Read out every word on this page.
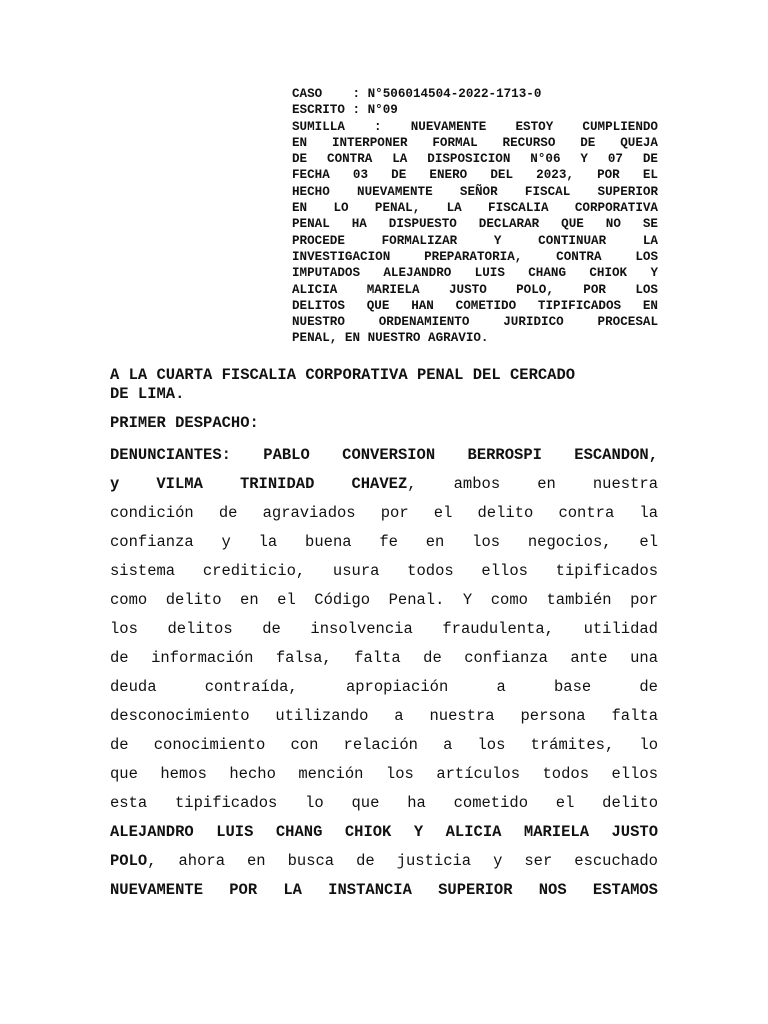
CASO    : N°506014504-2022-1713-0
ESCRITO : N°09
SUMILLA : NUEVAMENTE ESTOY CUMPLIENDO
EN INTERPONER FORMAL RECURSO DE QUEJA
DE CONTRA LA DISPOSICION N°06 Y 07 DE
FECHA 03 DE ENERO DEL 2023, POR EL
HECHO NUEVAMENTE SEÑOR FISCAL SUPERIOR
EN LO PENAL, LA FISCALIA CORPORATIVA
PENAL HA DISPUESTO DECLARAR QUE NO SE
PROCEDE FORMALIZAR Y CONTINUAR LA
INVESTIGACION PREPARATORIA, CONTRA LOS
IMPUTADOS ALEJANDRO LUIS CHANG CHIOK Y
ALICIA MARIELA JUSTO POLO, POR LOS
DELITOS QUE HAN COMETIDO TIPIFICADOS EN
NUESTRO ORDENAMIENTO JURIDICO PROCESAL
PENAL, EN NUESTRO AGRAVIO.
A LA CUARTA FISCALIA CORPORATIVA PENAL DEL CERCADO
DE LIMA.
PRIMER DESPACHO:
DENUNCIANTES: PABLO CONVERSION BERROSPI ESCANDON,
y VILMA TRINIDAD CHAVEZ, ambos en nuestra
condición de agraviados por el delito contra la
confianza y la buena fe en los negocios, el
sistema crediticio, usura todos ellos tipificados
como delito en el Código Penal. Y como también por
los delitos de insolvencia fraudulenta, utilidad
de información falsa, falta de confianza ante una
deuda contraída, apropiación a base de
desconocimiento utilizando a nuestra persona falta
de conocimiento con relación a los trámites, lo
que hemos hecho mención los artículos todos ellos
esta tipificados lo que ha cometido el delito
ALEJANDRO LUIS CHANG CHIOK Y ALICIA MARIELA JUSTO
POLO, ahora en busca de justicia y ser escuchado
NUEVAMENTE POR LA INSTANCIA SUPERIOR NOS ESTAMOS
